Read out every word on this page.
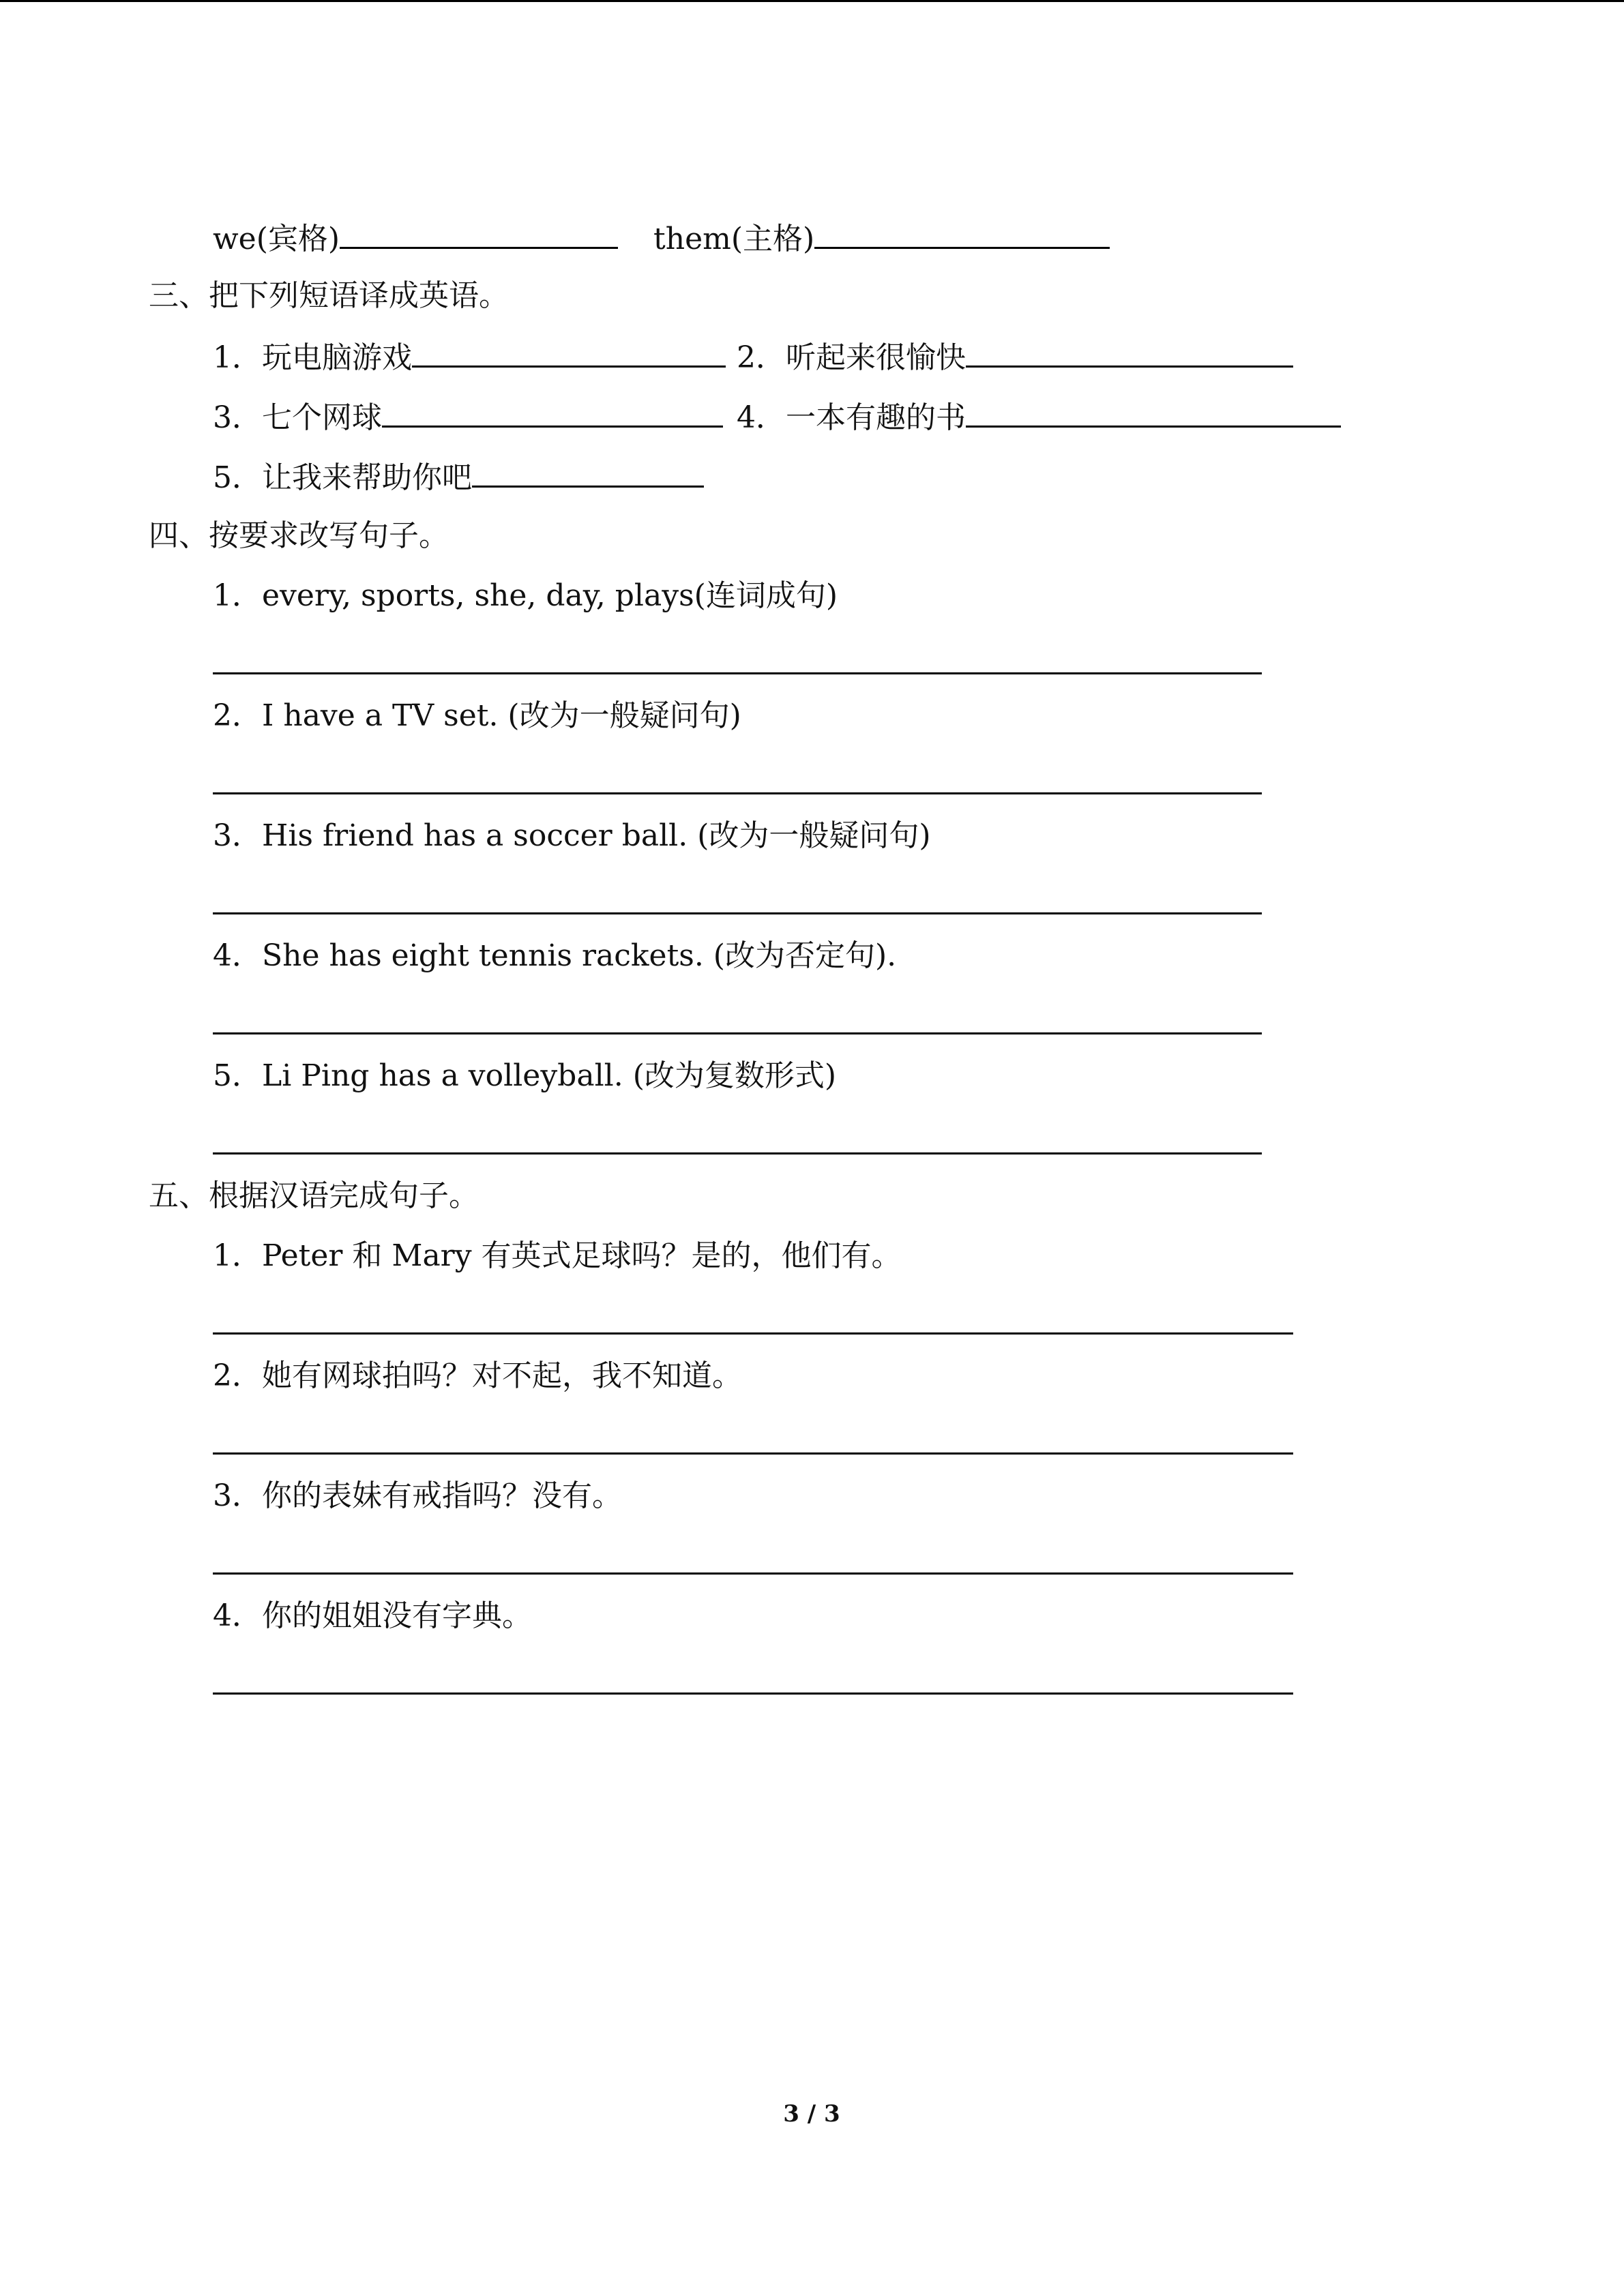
we(宾格)	them(主格)
三、把下列短语译成英语。
1．玩电脑游戏	2．听起来很愉快
3．七个网球	4．一本有趣的书
5．让我来帮助你吧
四、按要求改写句子。
1．every, sports, she, day, plays(连词成句)
2．I have a TV set. (改为一般疑问句)
3．His friend has a soccer ball. (改为一般疑问句)
4．She has eight tennis rackets. (改为否定句).
5．Li Ping has a volleyball. (改为复数形式)
五、根据汉语完成句子。
1．Peter 和 Mary 有英式足球吗？是的，他们有。
2．她有网球拍吗？对不起，我不知道。
3．你的表妹有戒指吗？没有。
4．你的姐姐没有字典。
3 / 3
